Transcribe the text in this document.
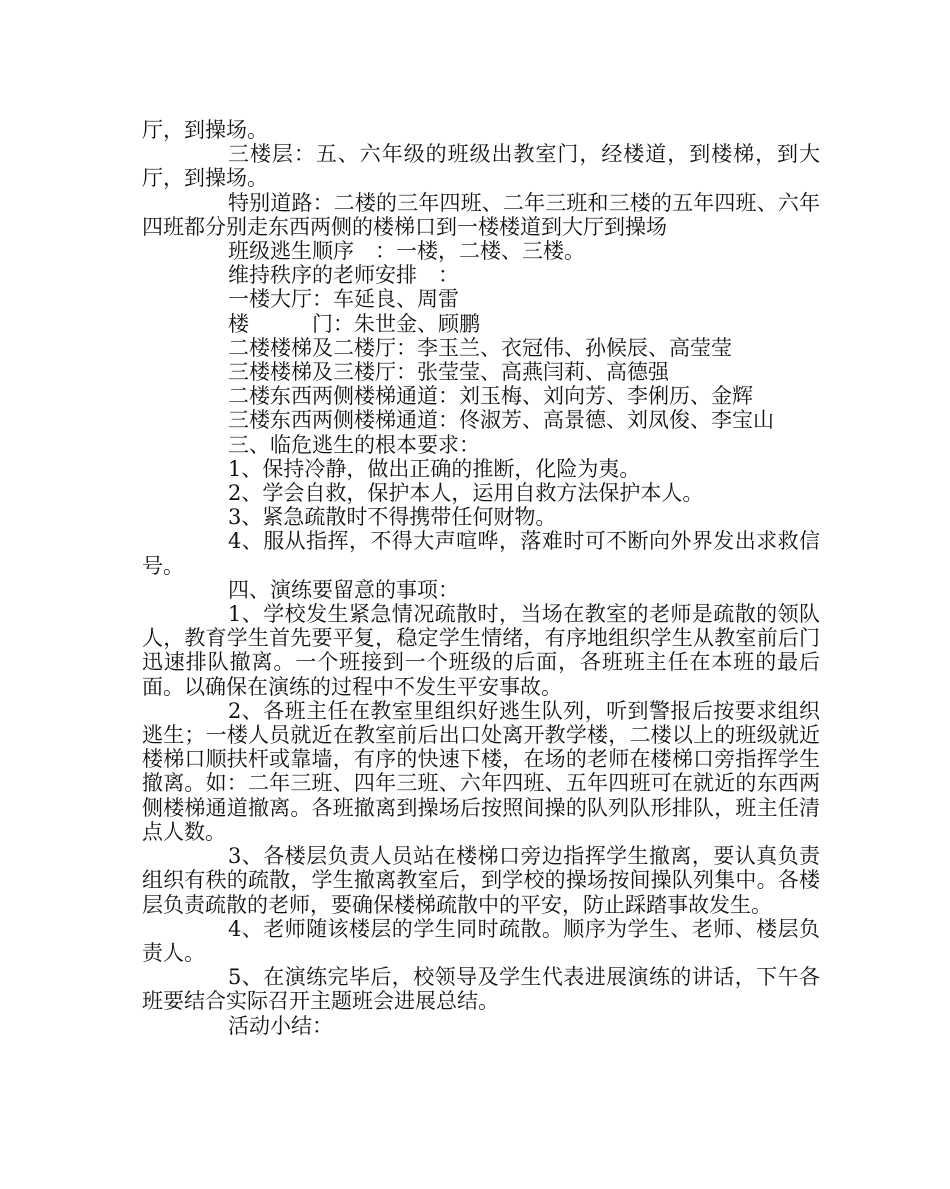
厅，到操场。

三楼层：五、六年级的班级出教室门，经楼道，到楼梯，到大厅，到操场。

特别道路：二楼的三年四班、二年三班和三楼的五年四班、六年四班都分别走东西两侧的楼梯口到一楼楼道到大厅到操场

班级逃生顺序　：一楼，二楼、三楼。

维持秩序的老师安排　：

一楼大厅：车延良、周雷

楼　　　门：朱世金、顾鹏

二楼楼梯及二楼厅：李玉兰、衣冠伟、孙候辰、高莹莹

三楼楼梯及三楼厅：张莹莹、高燕闫莉、高德强

二楼东西两侧楼梯通道：刘玉梅、刘向芳、李俐历、金辉

三楼东西两侧楼梯通道：佟淑芳、高景德、刘凤俊、李宝山

三、临危逃生的根本要求：

1、保持冷静，做出正确的推断，化险为夷。

2、学会自救，保护本人，运用自救方法保护本人。

3、紧急疏散时不得携带任何财物。

4、服从指挥，不得大声喧哗，落难时可不断向外界发出求救信号。

四、演练要留意的事项：

1、学校发生紧急情况疏散时，当场在教室的老师是疏散的领队人，教育学生首先要平复，稳定学生情绪，有序地组织学生从教室前后门迅速排队撤离。一个班接到一个班级的后面，各班班主任在本班的最后面。以确保在演练的过程中不发生平安事故。

2、各班主任在教室里组织好逃生队列，听到警报后按要求组织逃生；一楼人员就近在教室前后出口处离开教学楼，二楼以上的班级就近楼梯口顺扶杆或靠墙，有序的快速下楼，在场的老师在楼梯口旁指挥学生撤离。如：二年三班、四年三班、六年四班、五年四班可在就近的东西两侧楼梯通道撤离。各班撤离到操场后按照间操的队列队形排队，班主任清点人数。

3、各楼层负责人员站在楼梯口旁边指挥学生撤离，要认真负责组织有秩的疏散，学生撤离教室后，到学校的操场按间操队列集中。各楼层负责疏散的老师，要确保楼梯疏散中的平安，防止踩踏事故发生。

4、老师随该楼层的学生同时疏散。顺序为学生、老师、楼层负责人。

5、在演练完毕后，校领导及学生代表进展演练的讲话，下午各班要结合实际召开主题班会进展总结。

活动小结：
